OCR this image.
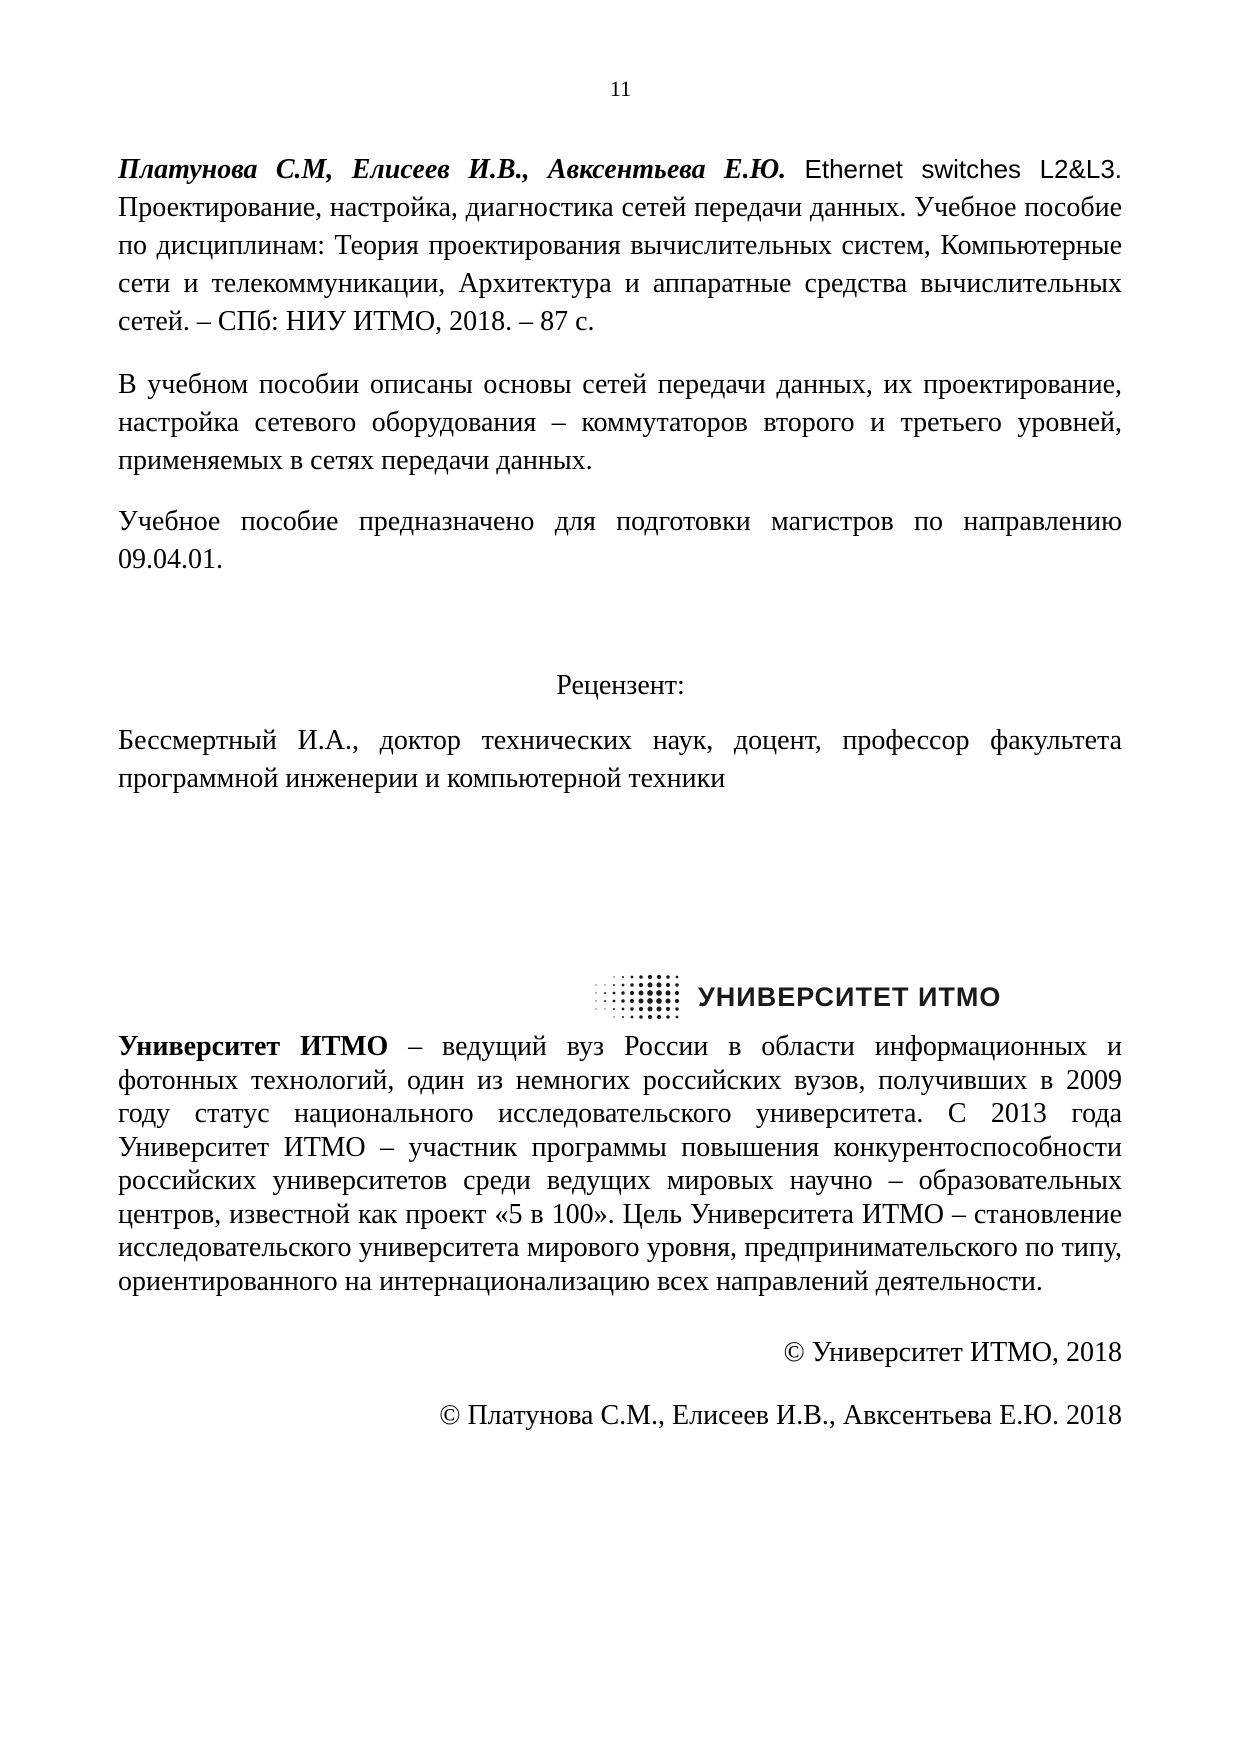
11

Платунова С.М, Елисеев И.В., Авксентьева Е.Ю. Ethernet switches L2&L3. Проектирование, настройка, диагностика сетей передачи данных. Учебное пособие по дисциплинам: Теория проектирования вычислительных систем, Компьютерные сети и телекоммуникации, Архитектура и аппаратные средства вычислительных сетей. – СПб: НИУ ИТМО, 2018. – 87 с.

В учебном пособии описаны основы сетей передачи данных, их проектирование, настройка сетевого оборудования – коммутаторов второго и третьего уровней, применяемых в сетях передачи данных.

Учебное пособие предназначено для подготовки магистров по направлению 09.04.01.

Рецензент:

Бессмертный И.А., доктор технических наук, доцент, профессор факультета программной инженерии и компьютерной техники

УНИВЕРСИТЕТ ИТМО

Университет ИТМО – ведущий вуз России в области информационных и фотонных технологий, один из немногих российских вузов, получивших в 2009 году статус национального исследовательского университета. С 2013 года Университет ИТМО – участник программы повышения конкурентоспособности российских университетов среди ведущих мировых научно – образовательных центров, известной как проект «5 в 100». Цель Университета ИТМО – становление исследовательского университета мирового уровня, предпринимательского по типу, ориентированного на интернационализацию всех направлений деятельности.

© Университет ИТМО, 2018
© Платунова С.М., Елисеев И.В., Авксентьева Е.Ю. 2018
